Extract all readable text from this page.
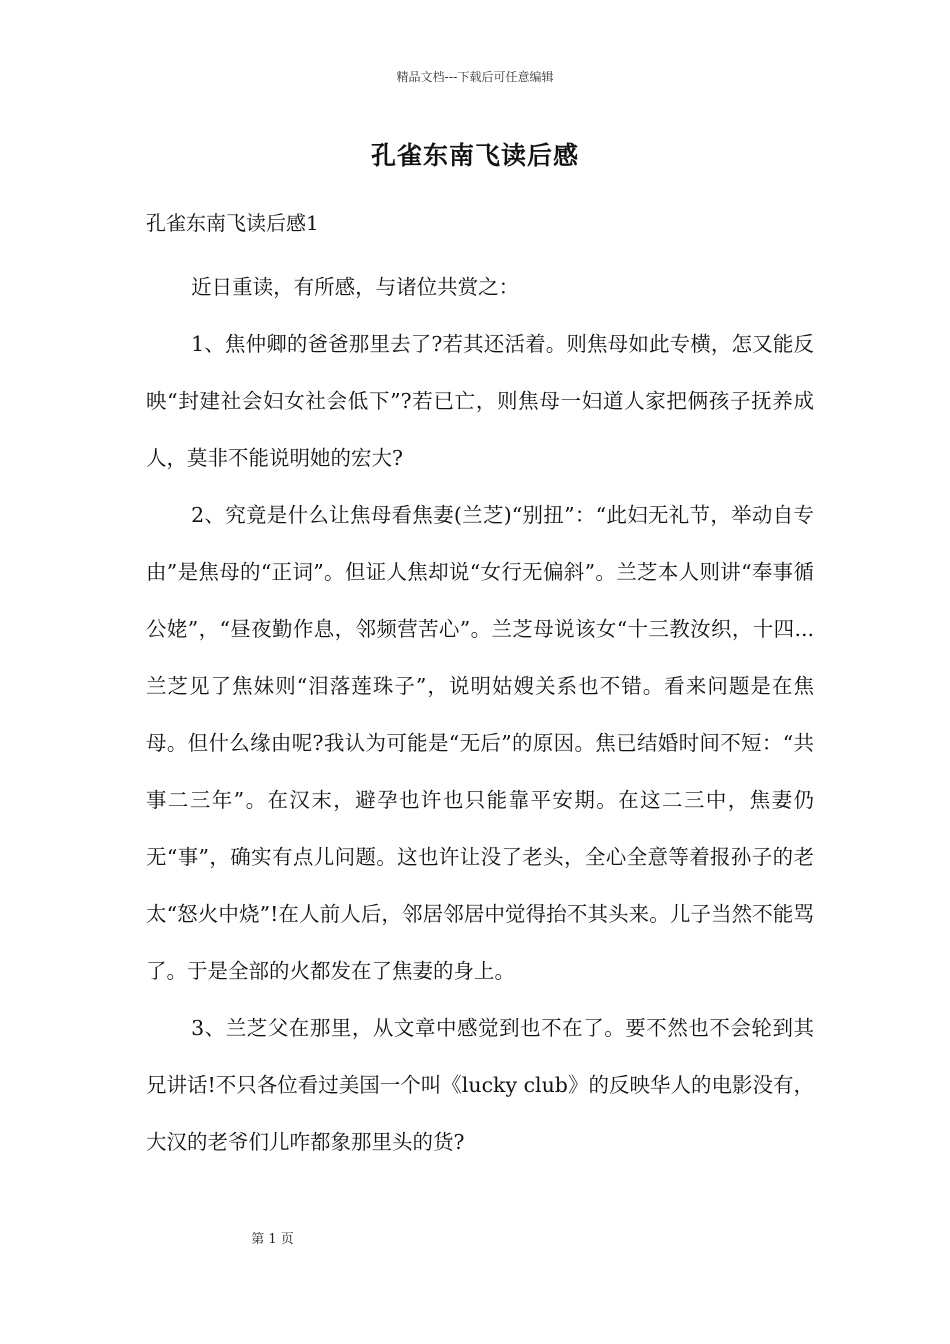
精品文档---下载后可任意编辑
孔雀东南飞读后感

孔雀东南飞读后感1

近日重读，有所感，与诸位共赏之：

1、焦仲卿的爸爸那里去了?若其还活着。则焦母如此专横，怎又能反映“封建社会妇女社会低下”?若已亡，则焦母一妇道人家把俩孩子抚养成人，莫非不能说明她的宏大?

2、究竟是什么让焦母看焦妻(兰芝)“别扭”：“此妇无礼节，举动自专由”是焦母的“正词”。但证人焦却说“女行无偏斜”。兰芝本人则讲“奉事循公姥”，“昼夜勤作息，邻频营苦心”。兰芝母说该女“十三教汝织，十四...兰芝见了焦妹则“泪落莲珠子”，说明姑嫂关系也不错。看来问题是在焦母。但什么缘由呢?我认为可能是“无后”的原因。焦已结婚时间不短：“共事二三年”。在汉末，避孕也许也只能靠平安期。在这二三中，焦妻仍无“事”，确实有点儿问题。这也许让没了老头，全心全意等着报孙子的老太“怒火中烧”!在人前人后，邻居邻居中觉得抬不其头来。儿子当然不能骂了。于是全部的火都发在了焦妻的身上。

3、兰芝父在那里，从文章中感觉到也不在了。要不然也不会轮到其兄讲话!不只各位看过美国一个叫《lucky club》的反映华人的电影没有，大汉的老爷们儿咋都象那里头的货?

第 1 页
